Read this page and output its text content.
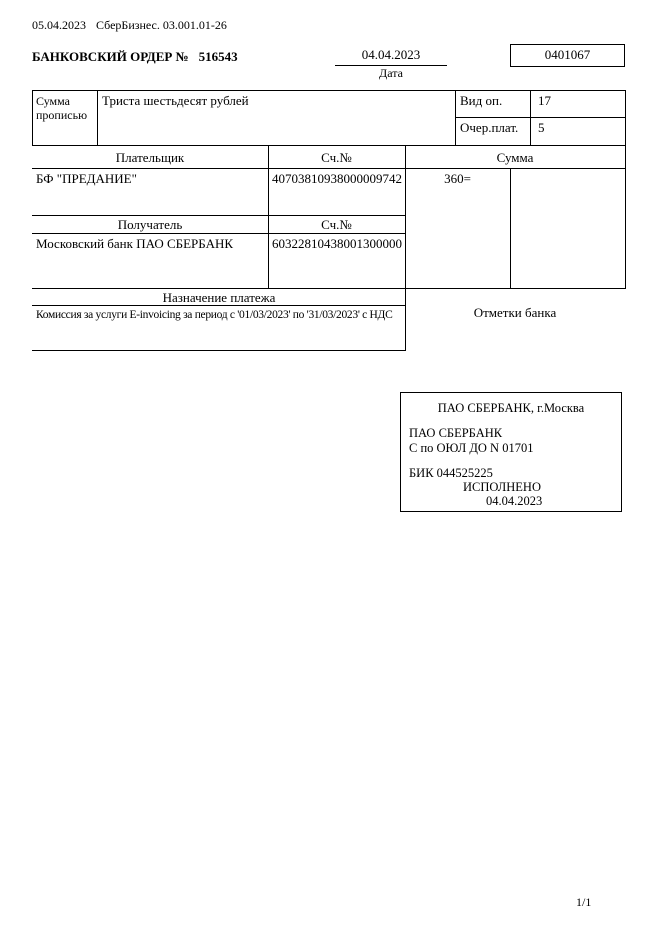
05.04.2023 СберБизнес. 03.001.01-26
БАНКОВСКИЙ ОРДЕР № 516543	04.04.2023
Дата
0401067
Сумма прописью
Триста шестьдесят рублей	Вид оп.	17
Очер.плат. 5
Плательщик	Сч.№	Сумма
БФ "ПРЕДАНИЕ"	40703810938000009742	360=
Получатель	Сч.№
Московский банк ПАО СБЕРБАНК	60322810438001300000
Назначение платежа
Комиссия за услуги E-invoicing за период с '01/03/2023' по '31/03/2023' с НДС	Отметки банка
ПАО СБЕРБАНК, г.Москва
ПАО СБЕРБАНК
С по ОЮЛ ДО N 01701
БИК 044525225
ИСПОЛНЕНО
04.04.2023
1/1
